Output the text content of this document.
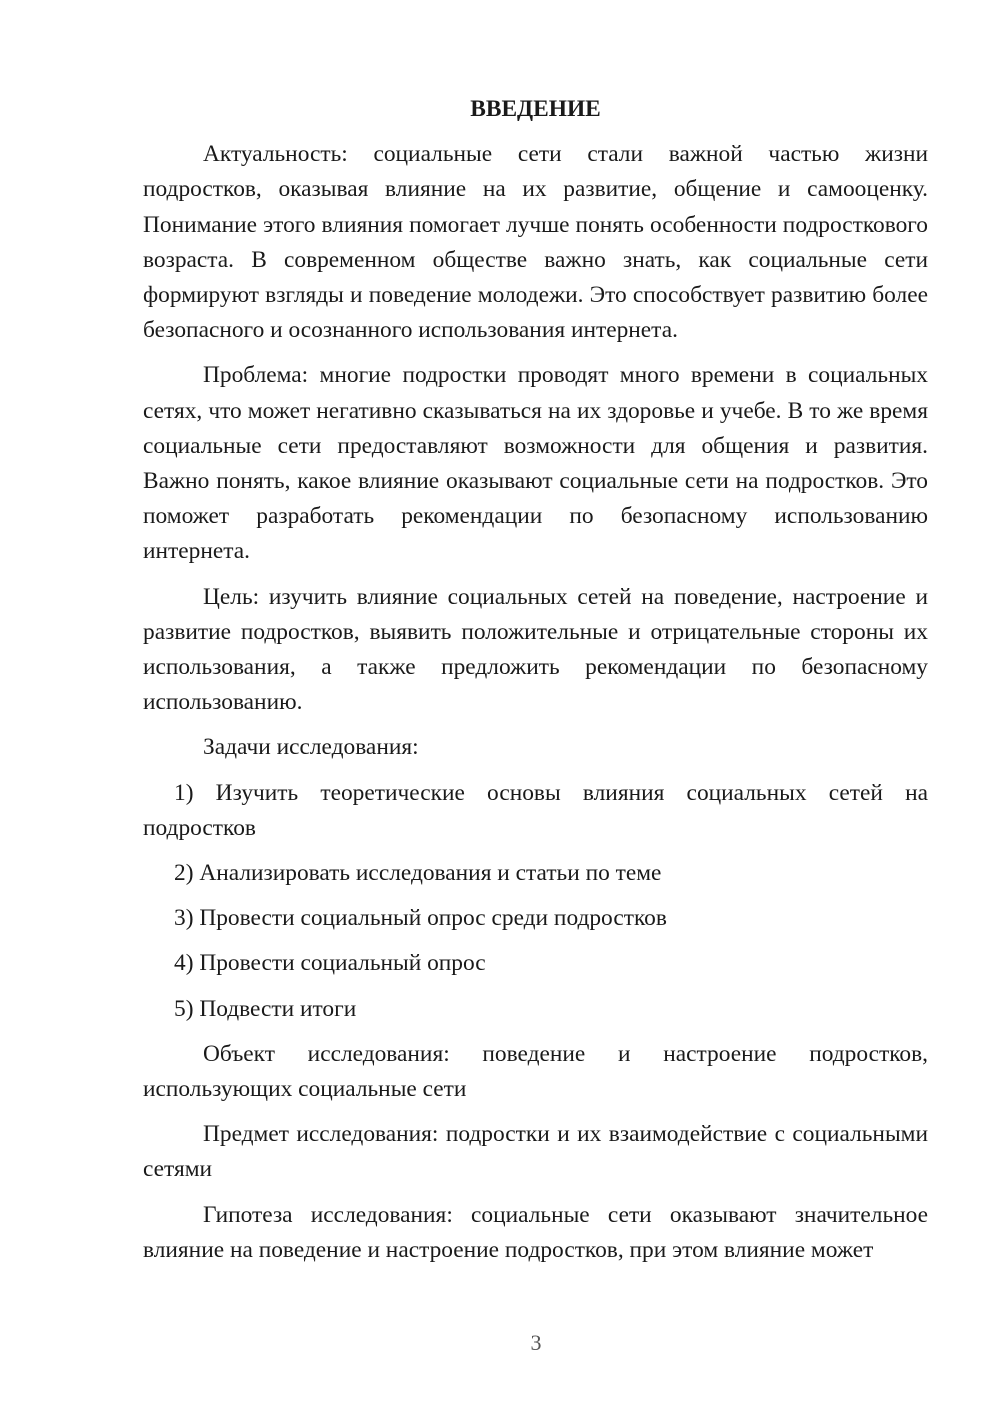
ВВЕДЕНИЕ

Актуальность: социальные сети стали важной частью жизни подростков, оказывая влияние на их развитие, общение и самооценку. Понимание этого влияния помогает лучше понять особенности подросткового возраста. В современном обществе важно знать, как социальные сети формируют взгляды и поведение молодежи. Это способствует развитию более безопасного и осознанного использования интернета.

Проблема: многие подростки проводят много времени в социальных сетях, что может негативно сказываться на их здоровье и учебе. В то же время социальные сети предоставляют возможности для общения и развития. Важно понять, какое влияние оказывают социальные сети на подростков. Это поможет разработать рекомендации по безопасному использованию интернета.

Цель: изучить влияние социальных сетей на поведение, настроение и развитие подростков, выявить положительные и отрицательные стороны их использования, а также предложить рекомендации по безопасному использованию.

Задачи исследования:

1) Изучить теоретические основы влияния социальных сетей на подростков

2) Анализировать исследования и статьи по теме

3) Провести социальный опрос среди подростков

4) Провести социальный опрос

5) Подвести итоги

Объект исследования: поведение и настроение подростков, использующих социальные сети

Предмет исследования: подростки и их взаимодействие с социальными сетями

Гипотеза исследования: социальные сети оказывают значительное влияние на поведение и настроение подростков, при этом влияние может

3
